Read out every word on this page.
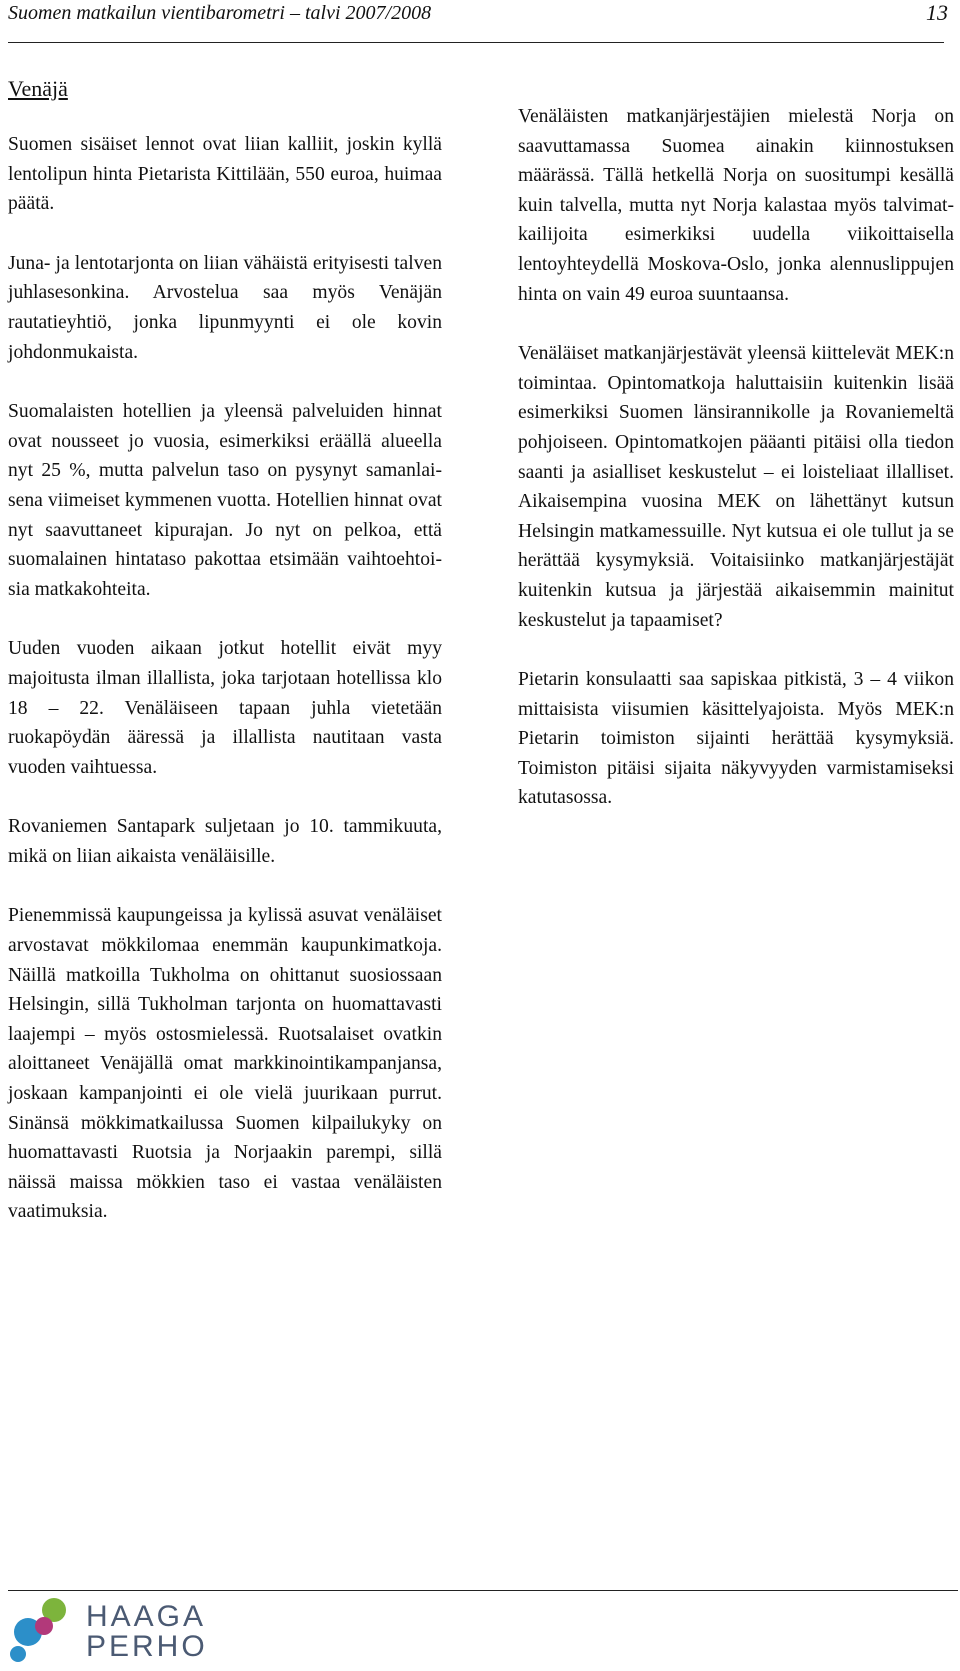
Suomen matkailun vientibarometri – talvi 2007/2008	13
Venäjä

Suomen sisäiset lennot ovat liian kalliit, joskin kyllä lentolipun hinta Pietarista Kittilään, 550 euroa, huimaa päätä.

Juna- ja lentotarjonta on liian vähäistä erityisesti talven juhlasesonkina. Arvostelua saa myös Venäjän rautatieyhtiö, jonka lipunmyynti ei ole kovin johdonmukaista.

Suomalaisten hotellien ja yleensä palveluiden hinnat ovat nousseet jo vuosia, esimerkiksi eräällä alueella nyt 25 %, mutta palvelun taso on pysynyt samanlaisena viimeiset kymmenen vuotta. Hotellien hinnat ovat nyt saavuttaneet kipurajan. Jo nyt on pelkoa, että suomalainen hintataso pakottaa etsimään vaihtoehtoisia matkakohteita.

Uuden vuoden aikaan jotkut hotellit eivät myy majoitusta ilman illallista, joka tarjotaan hotellissa klo 18 – 22. Venäläiseen tapaan juhla vietetään ruokapöydän ääressä ja illallista nautitaan vasta vuoden vaihtuessa.

Rovaniemen Santapark suljetaan jo 10. tammikuuta, mikä on liian aikaista venäläisille.

Pienemmissä kaupungeissa ja kylissä asuvat venäläiset arvostavat mökkilomaa enemmän kaupunkimatkoja. Näillä matkoilla Tukholma on ohittanut suosiossaan Helsingin, sillä Tukholman tarjonta on huomattavasti laajempi – myös ostosmielessä. Ruotsalaiset ovatkin aloittaneet Venäjällä omat markkinointikampanjansa, joskaan kampanjointi ei ole vielä juurikaan purrut. Sinänsä mökkimatkailussa Suomen kilpailukyky on huomattavasti Ruotsia ja Norjaakin parempi, sillä näissä maissa mökkien taso ei vastaa venäläisten vaatimuksia.

Venäläisten matkanjärjestäjien mielestä Norja on saavuttamassa Suomea ainakin kiinnostuksen määrässä. Tällä hetkellä Norja on suositumpi kesällä kuin talvella, mutta nyt Norja kalastaa myös talvimatkailijoita esimerkiksi uudella viikoittaisella lentoyhteydellä Moskova-Oslo, jonka alennuslippujen hinta on vain 49 euroa suuntaansa.

Venäläiset matkanjärjestävät yleensä kiittelevät MEK:n toimintaa. Opintomatkoja haluttaisiin kuitenkin lisää esimerkiksi Suomen länsirannikolle ja Rovaniemeltä pohjoiseen. Opintomatkojen pääanti pitäisi olla tiedon saanti ja asialliset keskustelut – ei loisteliaat illalliset. Aikaisempina vuosina MEK on lähettänyt kutsun Helsingin matkamessuille. Nyt kutsua ei ole tullut ja se herättää kysymyksiä. Voitaisiinko matkanjärjestäjät kuitenkin kutsua ja järjestää aikaisemmin mainitut keskustelut ja tapaamiset?

Pietarin konsulaatti saa sapiskaa pitkistä, 3 – 4 viikon mittaisista viisumien käsittelyajoista. Myös MEK:n Pietarin toimiston sijainti herättää kysymyksiä. Toimiston pitäisi sijaita näkyvyyden varmistamiseksi katutasossa.

HAAGA PERHO
